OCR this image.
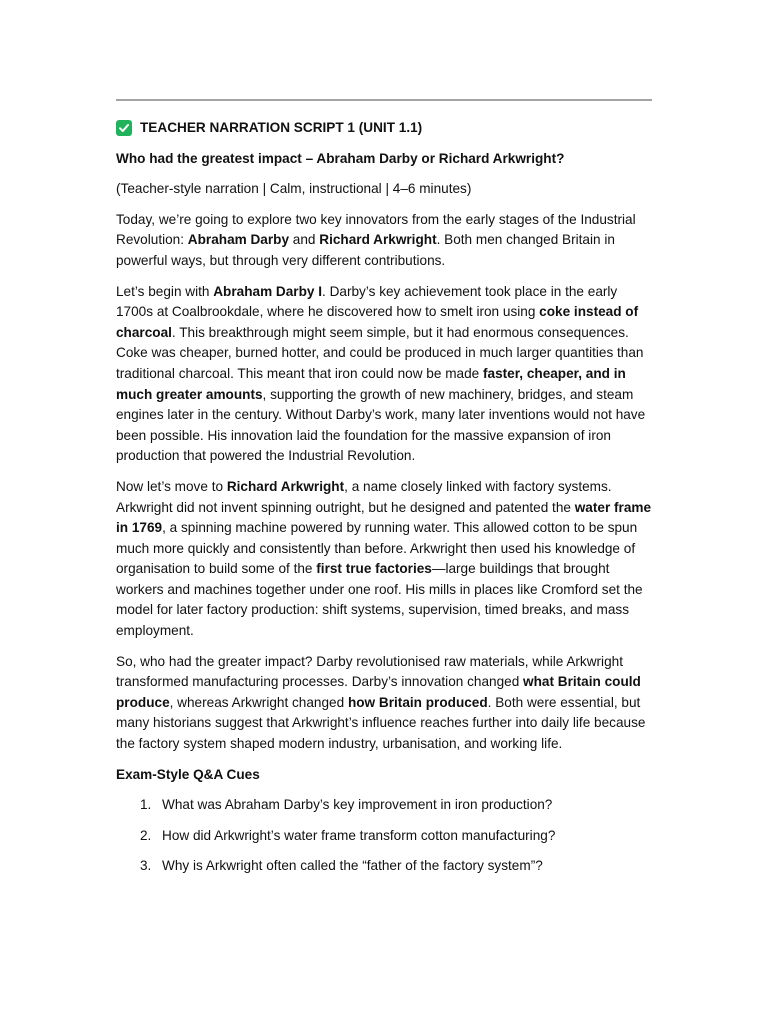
TEACHER NARRATION SCRIPT 1 (UNIT 1.1)

Who had the greatest impact – Abraham Darby or Richard Arkwright?

(Teacher-style narration | Calm, instructional | 4–6 minutes)

Today, we’re going to explore two key innovators from the early stages of the Industrial Revolution: Abraham Darby and Richard Arkwright. Both men changed Britain in powerful ways, but through very different contributions.

Let’s begin with Abraham Darby I. Darby’s key achievement took place in the early 1700s at Coalbrookdale, where he discovered how to smelt iron using coke instead of charcoal. This breakthrough might seem simple, but it had enormous consequences. Coke was cheaper, burned hotter, and could be produced in much larger quantities than traditional charcoal. This meant that iron could now be made faster, cheaper, and in much greater amounts, supporting the growth of new machinery, bridges, and steam engines later in the century. Without Darby’s work, many later inventions would not have been possible. His innovation laid the foundation for the massive expansion of iron production that powered the Industrial Revolution.

Now let’s move to Richard Arkwright, a name closely linked with factory systems. Arkwright did not invent spinning outright, but he designed and patented the water frame in 1769, a spinning machine powered by running water. This allowed cotton to be spun much more quickly and consistently than before. Arkwright then used his knowledge of organisation to build some of the first true factories—large buildings that brought workers and machines together under one roof. His mills in places like Cromford set the model for later factory production: shift systems, supervision, timed breaks, and mass employment.

So, who had the greater impact? Darby revolutionised raw materials, while Arkwright transformed manufacturing processes. Darby’s innovation changed what Britain could produce, whereas Arkwright changed how Britain produced. Both were essential, but many historians suggest that Arkwright’s influence reaches further into daily life because the factory system shaped modern industry, urbanisation, and working life.

Exam-Style Q&A Cues

1. What was Abraham Darby’s key improvement in iron production?
2. How did Arkwright’s water frame transform cotton manufacturing?
3. Why is Arkwright often called the “father of the factory system”?
